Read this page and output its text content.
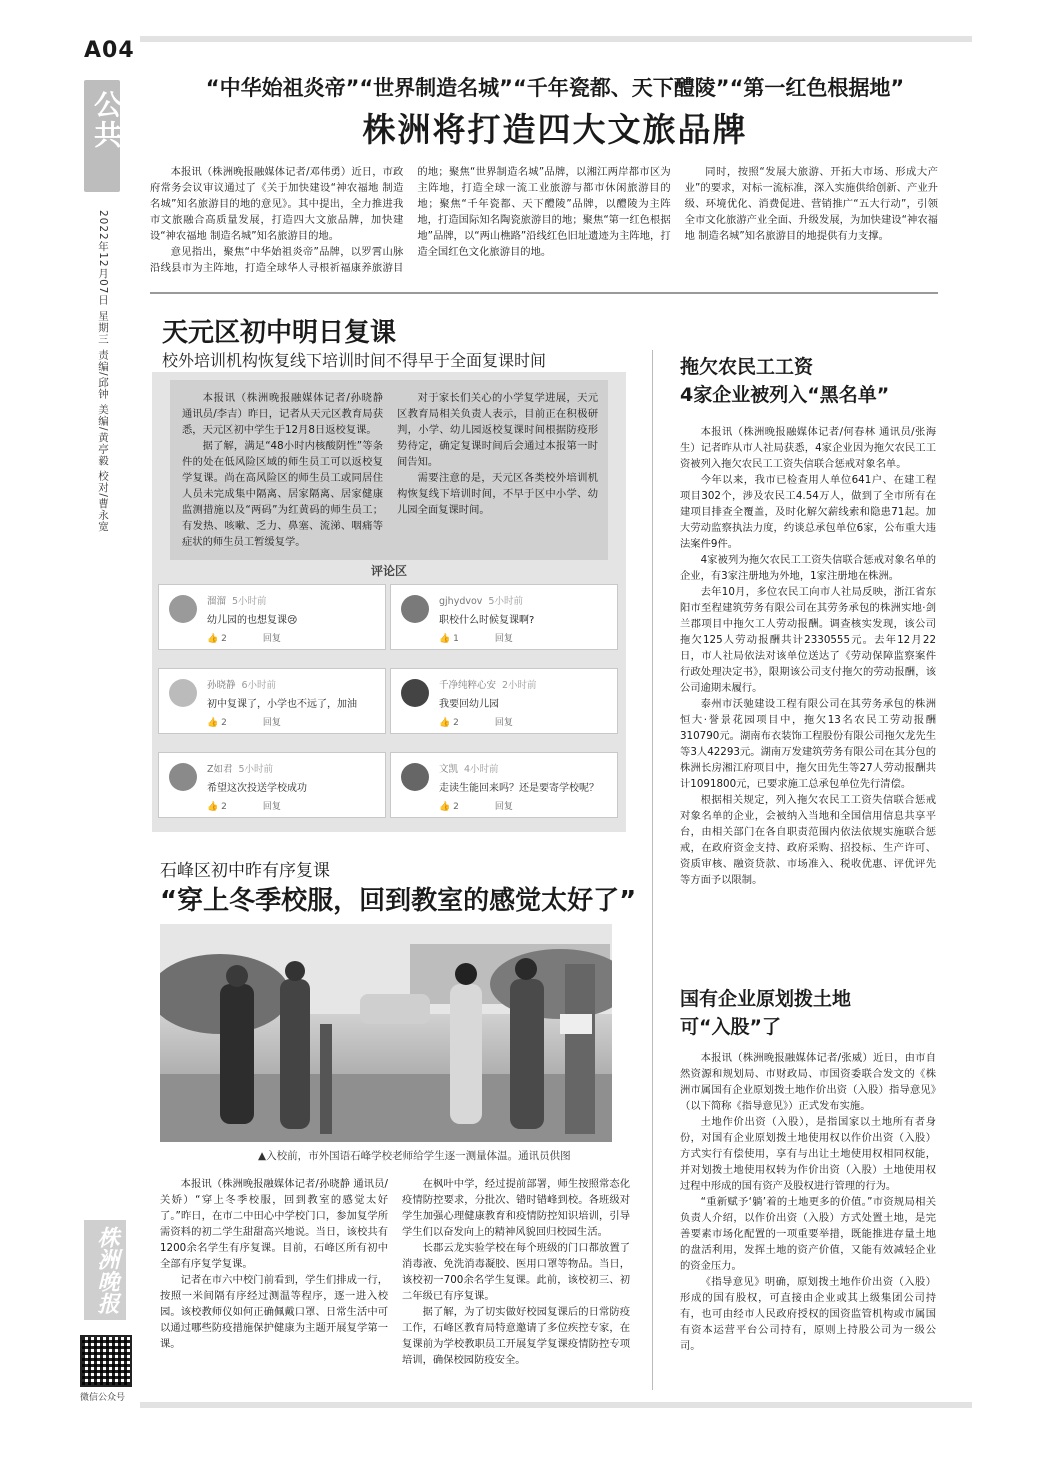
A04
公共
2022年12月07日 星期三 责编/邱钟 美编/黄亭毅 校对/曹永宽
株洲晚报
微信公众号
“中华始祖炎帝”“世界制造名城”“千年瓷都、天下醴陵”“第一红色根据地”
株洲将打造四大文旅品牌

本报讯（株洲晚报融媒体记者/邓伟勇）近日，市政府常务会议审议通过了《关于加快建设“神农福地 制造名城”知名旅游目的地的意见》。其中提出，全力推进我市文旅融合高质量发展，打造四大文旅品牌，加快建设“神农福地 制造名城”知名旅游目的地。

意见指出，聚焦“中华始祖炎帝”品牌，以罗霄山脉沿线县市为主阵地，打造全球华人寻根祈福康养旅游目的地；聚焦“世界制造名城”品牌，以湘江两岸都市区为主阵地，打造全球一流工业旅游与都市休闲旅游目的地；聚焦“千年瓷都、天下醴陵”品牌，以醴陵为主阵地，打造国际知名陶瓷旅游目的地；聚焦“第一红色根据地”品牌，以“两山樵路”沿线红色旧址遗迹为主阵地，打造全国红色文化旅游目的地。

同时，按照“发展大旅游、开拓大市场、形成大产业”的要求，对标一流标准，深入实施供给创新、产业升级、环境优化、消费促进、营销推广“五大行动”，引领全市文化旅游产业全面、升级发展，为加快建设“神农福地 制造名城”知名旅游目的地提供有力支撑。

天元区初中明日复课
校外培训机构恢复线下培训时间不得早于全面复课时间

本报讯（株洲晚报融媒体记者/孙晓静 通讯员/李吉）昨日，记者从天元区教育局获悉，天元区初中学生于12月8日返校复课。

据了解，满足“48小时内核酸阴性”等条件的处在低风险区域的师生员工可以返校复学复课。尚在高风险区的师生员工或同居住人员未完成集中隔离、居家隔离、居家健康监测措施以及“两码”为红黄码的师生员工；有发热、咳嗽、乏力、鼻塞、流涕、咽痛等症状的师生员工暂缓复学。

对于家长们关心的小学复学进展，天元区教育局相关负责人表示，目前正在积极研判，小学、幼儿园返校复课时间根据防疫形势待定，确定复课时间后会通过本报第一时间告知。

需要注意的是，天元区各类校外培训机构恢复线下培训时间，不早于区中小学、幼儿园全面复课时间。

评论区
溜溜 5小时前
幼儿园的也想复课😢
👍 2	回复
gjhydvov 5小时前
职校什么时候复课啊?
👍 1	回复
孙晓静 6小时前
初中复课了，小学也不远了，加油
👍 2	回复
千净纯粹心安 2小时前
我要回幼儿园
👍 2	回复
Z如君 5小时前
希望这次投送学校成功
👍 2	回复
文凯 4小时前
走读生能回来吗？还是要寄学校呢？
👍 2	回复
石峰区初中昨有序复课
“穿上冬季校服，回到教室的感觉太好了”
▲入校前，市外国语石峰学校老师给学生逐一测量体温。通讯员供图

本报讯（株洲晚报融媒体记者/孙晓静 通讯员/关娇）“穿上冬季校服，回到教室的感觉太好了。”昨日，在市二中田心中学校门口，参加复学所需资料的初二学生甜甜高兴地说。当日，该校共有1200余名学生有序复课。目前，石峰区所有初中全部有序复学复课。

记者在市六中校门前看到，学生们排成一行，按照一米间隔有序经过测温等程序，逐一进入校园。该校教师仪如何正确佩戴口罩、日常生活中可以通过哪些防疫措施保护健康为主题开展复学第一课。

在枫叶中学，经过提前部署，师生按照常态化疫情防控要求，分批次、错时错峰到校。各班级对学生加强心理健康教育和疫情防控知识培训，引导学生们以奋发向上的精神风貌回归校园生活。

长郡云龙实验学校在每个班级的门口都放置了消毒液、免洗消毒凝胶、医用口罩等物品。当日，该校初一700余名学生复课。此前，该校初三、初二年级已有序复课。

据了解，为了切实做好校园复课后的日常防疫工作，石峰区教育局特意邀请了多位疾控专家，在复课前为学校教职员工开展复学复课疫情防控专项培训，确保校园防疫安全。

拖欠农民工工资
4家企业被列入“黑名单”

本报讯（株洲晚报融媒体记者/何春林 通讯员/张海生）记者昨从市人社局获悉，4家企业因为拖欠农民工工资被列入拖欠农民工工资失信联合惩戒对象名单。

今年以来，我市已检查用人单位641户、在建工程项目302个，涉及农民工4.54万人，做到了全市所有在建项目排查全覆盖，及时化解欠薪线索和隐患71起。加大劳动监察执法力度，约谈总承包单位6家，公布重大违法案件9件。

4家被列为拖欠农民工工资失信联合惩戒对象名单的企业，有3家注册地为外地，1家注册地在株洲。

去年10月，多位农民工向市人社局反映，浙江省东阳市至程建筑劳务有限公司在其劳务承包的株洲实地·剑兰郡项目中拖欠工人劳动报酬。调查核实发现，该公司拖欠125人劳动报酬共计2330555元。去年12月22日，市人社局依法对该单位送达了《劳动保障监察案件行政处理决定书》，限期该公司支付拖欠的劳动报酬，该公司逾期未履行。

泰州市沃驰建设工程有限公司在其劳务承包的株洲恒大·誉景花园项目中，拖欠13名农民工劳动报酬310790元。湖南布衣装饰工程股份有限公司拖欠龙先生等3人42293元。湖南万发建筑劳务有限公司在其分包的株洲长房湘江府项目中，拖欠田先生等27人劳动报酬共计1091800元，已要求施工总承包单位先行清偿。

根据相关规定，列入拖欠农民工工资失信联合惩戒对象名单的企业，会被纳入当地和全国信用信息共享平台，由相关部门在各自职责范围内依法依规实施联合惩戒，在政府资金支持、政府采购、招投标、生产许可、资质审核、融资贷款、市场准入、税收优惠、评优评先等方面予以限制。

国有企业原划拨土地
可“入股”了

本报讯（株洲晚报融媒体记者/张威）近日，由市自然资源和规划局、市财政局、市国资委联合发文的《株洲市属国有企业原划拨土地作价出资（入股）指导意见》（以下简称《指导意见》）正式发布实施。

土地作价出资（入股），是指国家以土地所有者身份，对国有企业原划拨土地使用权以作价出资（入股）方式实行有偿使用，享有与出让土地使用权相同权能，并对划拨土地使用权转为作价出资（入股）土地使用权过程中形成的国有资产及股权进行管理的行为。

“重新赋予‘躺’着的土地更多的价值。”市资规局相关负责人介绍，以作价出资（入股）方式处置土地，是完善要素市场化配置的一项重要举措，既能推进存量土地的盘活利用，发挥土地的资产价值，又能有效减轻企业的资金压力。

《指导意见》明确，原划拨土地作价出资（入股）形成的国有股权，可直接由企业或其上级集团公司持有，也可由经市人民政府授权的国资监管机构或市属国有资本运营平台公司持有，原则上持股公司为一级公司。
